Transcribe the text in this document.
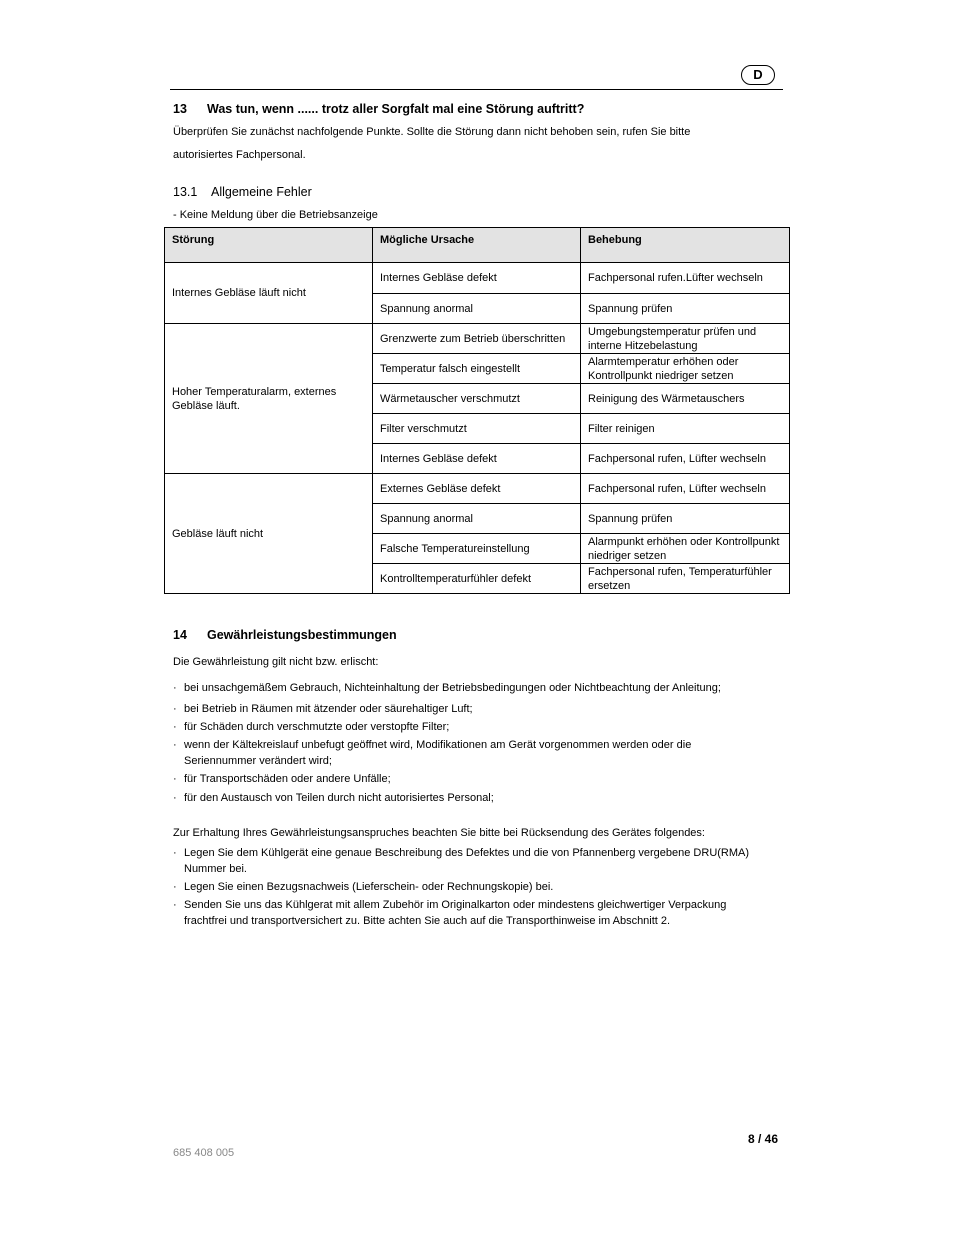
D
13 Was tun, wenn ...... trotz aller Sorgfalt mal eine Störung auftritt?
Überprüfen Sie zunächst nachfolgende Punkte. Sollte die Störung dann nicht behoben sein, rufen Sie bitte
autorisiertes Fachpersonal.
13.1 Allgemeine Fehler
- Keine Meldung über die Betriebsanzeige
Störung	Mögliche Ursache	Behebung
Internes Gebläse läuft nicht	Internes Gebläse defekt	Fachpersonal rufen.Lüfter wechseln
	Spannung anormal	Spannung prüfen
Hoher Temperaturalarm, externes Gebläse läuft.	Grenzwerte zum Betrieb überschritten	Umgebungstemperatur prüfen und interne Hitzebelastung
	Temperatur falsch eingestellt	Alarmtemperatur erhöhen oder Kontrollpunkt niedriger setzen
	Wärmetauscher verschmutzt	Reinigung des Wärmetauschers
	Filter verschmutzt	Filter reinigen
	Internes Gebläse defekt	Fachpersonal rufen, Lüfter wechseln
Gebläse läuft nicht	Externes Gebläse defekt	Fachpersonal rufen, Lüfter wechseln
	Spannung anormal	Spannung prüfen
	Falsche Temperatureinstellung	Alarmpunkt erhöhen oder Kontrollpunkt niedriger setzen
	Kontrolltemperaturfühler defekt	Fachpersonal rufen, Temperaturfühler ersetzen
14 Gewährleistungsbestimmungen
Die Gewährleistung gilt nicht bzw. erlischt:
· bei unsachgemäßem Gebrauch, Nichteinhaltung der Betriebsbedingungen oder Nichtbeachtung der Anleitung;
· bei Betrieb in Räumen mit ätzender oder säurehaltiger Luft;
· für Schäden durch verschmutzte oder verstopfte Filter;
· wenn der Kältekreislauf unbefugt geöffnet wird, Modifikationen am Gerät vorgenommen werden oder die
Seriennummer verändert wird;
· für Transportschäden oder andere Unfälle;
· für den Austausch von Teilen durch nicht autorisiertes Personal;
Zur Erhaltung Ihres Gewährleistungsanspruches beachten Sie bitte bei Rücksendung des Gerätes folgendes:
· Legen Sie dem Kühlgerät eine genaue Beschreibung des Defektes und die von Pfannenberg vergebene DRU(RMA)
Nummer bei.
· Legen Sie einen Bezugsnachweis (Lieferschein- oder Rechnungskopie) bei.
· Senden Sie uns das Kühlgerat mit allem Zubehör im Originalkarton oder mindestens gleichwertiger Verpackung
frachtfrei und transportversichert zu. Bitte achten Sie auch auf die Transporthinweise im Abschnitt 2.
8 / 46
685 408 005
